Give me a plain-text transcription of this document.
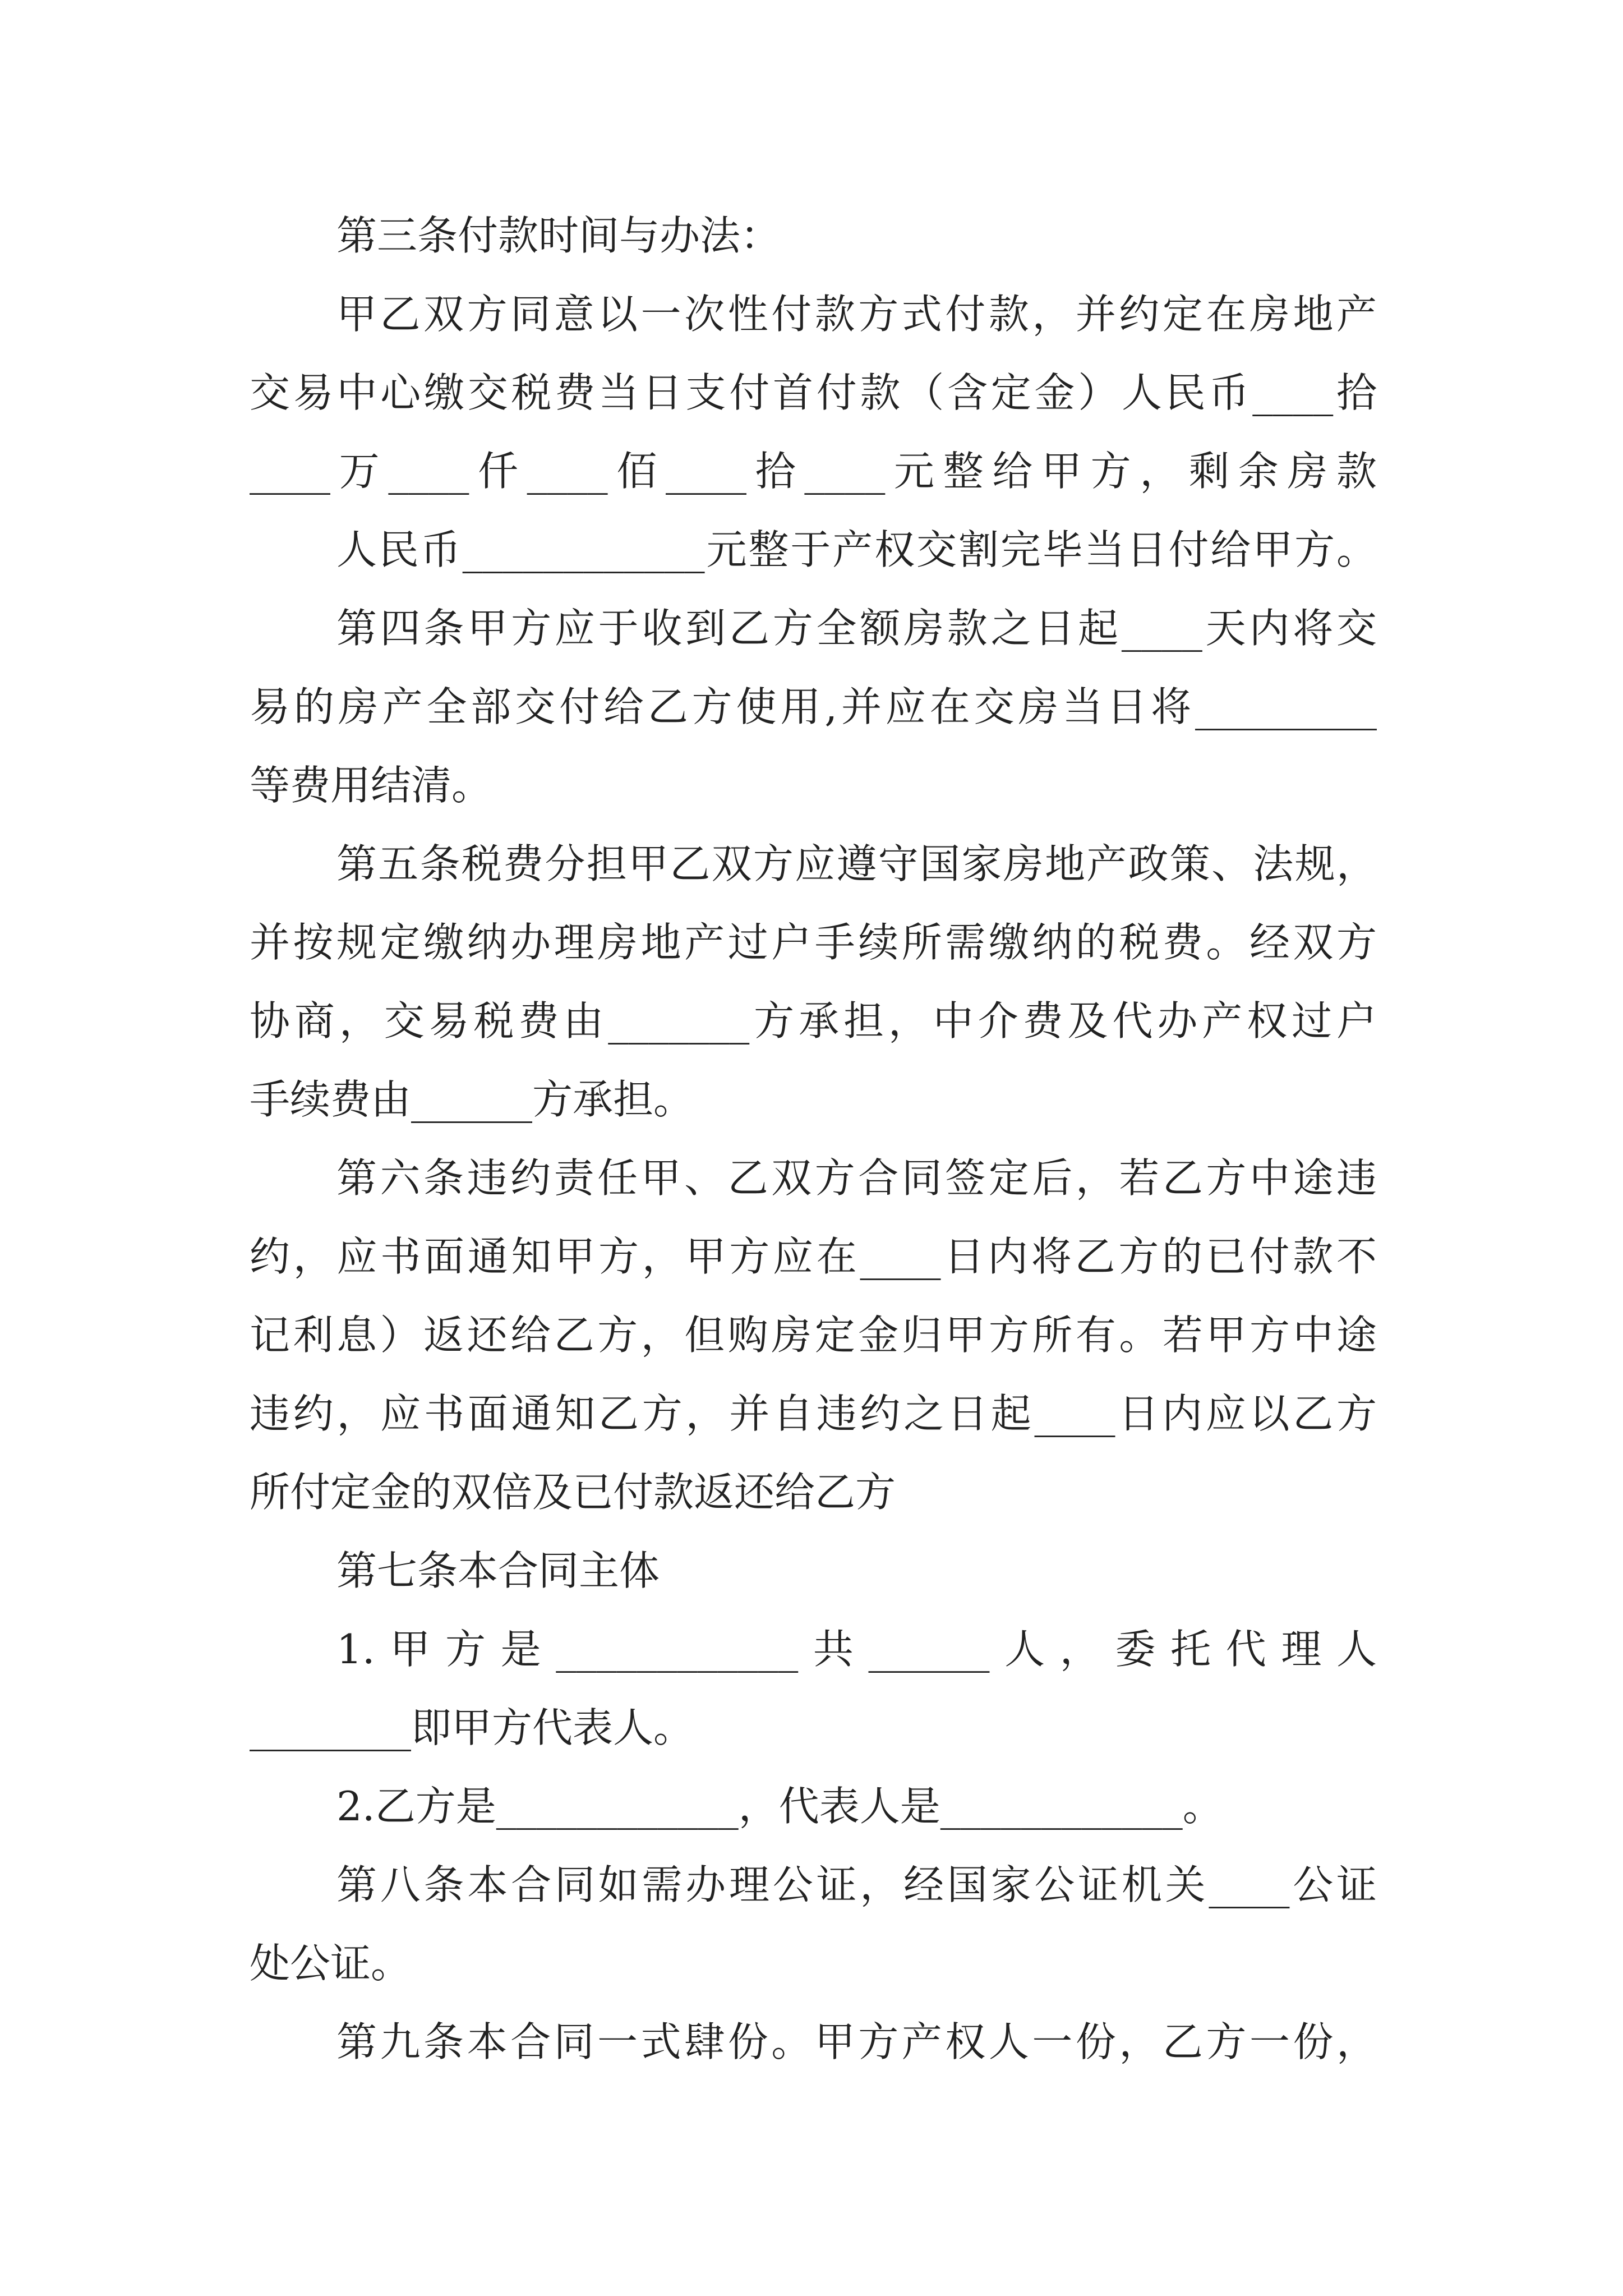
第三条付款时间与办法：
甲乙双方同意以一次性付款方式付款，并约定在房地产
交易中心缴交税费当日支付首付款（含定金）人民币____拾
____万____仟____佰____拾____元整给甲方，剩余房款
人民币____________元整于产权交割完毕当日付给甲方。
第四条甲方应于收到乙方全额房款之日起____天内将交
易的房产全部交付给乙方使用,并应在交房当日将_________
等费用结清。
第五条税费分担甲乙双方应遵守国家房地产政策、法规，
并按规定缴纳办理房地产过户手续所需缴纳的税费。经双方
协商，交易税费由_______方承担，中介费及代办产权过户
手续费由______方承担。
第六条违约责任甲、乙双方合同签定后，若乙方中途违
约，应书面通知甲方，甲方应在____日内将乙方的已付款不
记利息）返还给乙方，但购房定金归甲方所有。若甲方中途
违约，应书面通知乙方，并自违约之日起____日内应以乙方
所付定金的双倍及已付款返还给乙方
第七条本合同主体
1.甲方是____________共______人，委托代理人
________即甲方代表人。
2.乙方是____________，代表人是____________。
第八条本合同如需办理公证，经国家公证机关____公证
处公证。
第九条本合同一式肆份。甲方产权人一份，乙方一份，
